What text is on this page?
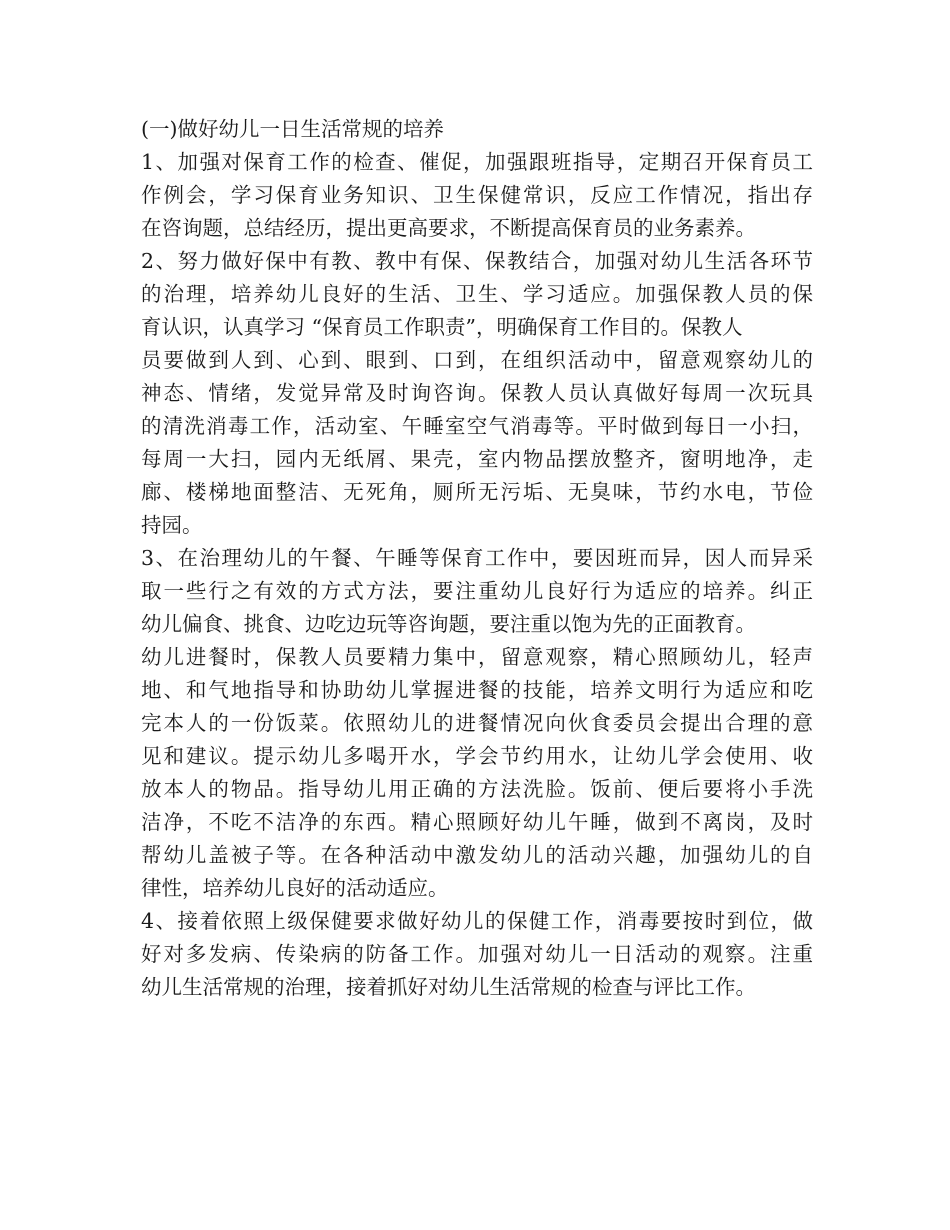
(一)做好幼儿一日生活常规的培养
1、加强对保育工作的检查、催促，加强跟班指导，定期召开保育员工
作例会，学习保育业务知识、卫生保健常识，反应工作情况，指出存
在咨询题，总结经历，提出更高要求，不断提高保育员的业务素养。
2、努力做好保中有教、教中有保、保教结合，加强对幼儿生活各环节
的治理，培养幼儿良好的生活、卫生、学习适应。加强保教人员的保
育认识，认真学习 “保育员工作职责”，明确保育工作目的。保教人
员要做到人到、心到、眼到、口到，在组织活动中，留意观察幼儿的
神态、情绪，发觉异常及时询咨询。保教人员认真做好每周一次玩具
的清洗消毒工作，活动室、午睡室空气消毒等。平时做到每日一小扫，
每周一大扫，园内无纸屑、果壳，室内物品摆放整齐，窗明地净，走
廊、楼梯地面整洁、无死角，厕所无污垢、无臭味，节约水电，节俭
持园。
3、在治理幼儿的午餐、午睡等保育工作中，要因班而异，因人而异采
取一些行之有效的方式方法，要注重幼儿良好行为适应的培养。纠正
幼儿偏食、挑食、边吃边玩等咨询题，要注重以饱为先的正面教育。
幼儿进餐时，保教人员要精力集中，留意观察，精心照顾幼儿，轻声
地、和气地指导和协助幼儿掌握进餐的技能，培养文明行为适应和吃
完本人的一份饭菜。依照幼儿的进餐情况向伙食委员会提出合理的意
见和建议。提示幼儿多喝开水，学会节约用水，让幼儿学会使用、收
放本人的物品。指导幼儿用正确的方法洗脸。饭前、便后要将小手洗
洁净，不吃不洁净的东西。精心照顾好幼儿午睡，做到不离岗，及时
帮幼儿盖被子等。在各种活动中激发幼儿的活动兴趣，加强幼儿的自
律性，培养幼儿良好的活动适应。
4、接着依照上级保健要求做好幼儿的保健工作，消毒要按时到位，做
好对多发病、传染病的防备工作。加强对幼儿一日活动的观察。注重
幼儿生活常规的治理，接着抓好对幼儿生活常规的检查与评比工作。
